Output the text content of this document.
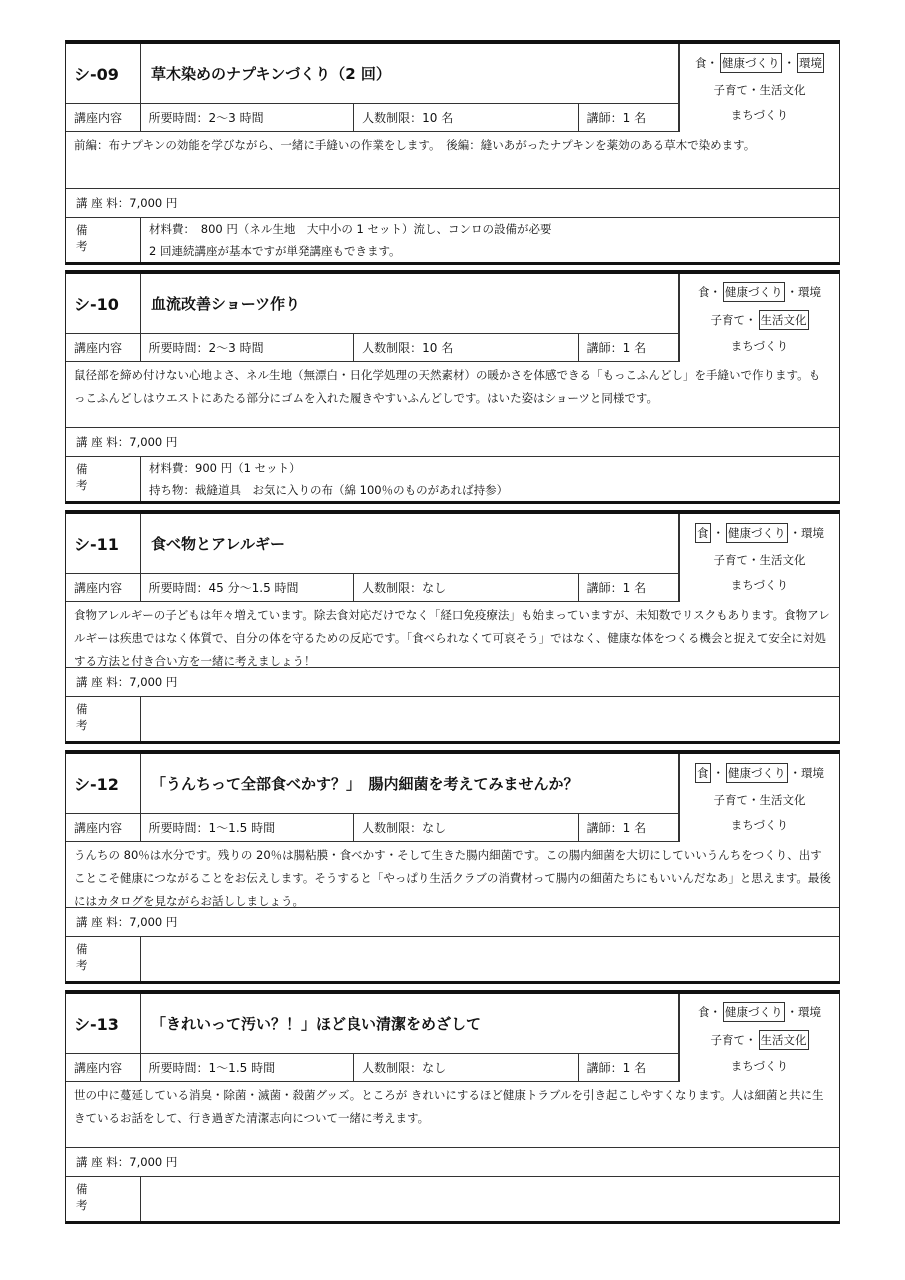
シ-09	草木染めのナプキンづくり（2 回）
食・ 健康づくり ・ 環境
子育て・生活文化
まちづくり
講座内容	所要時間：2～3 時間	人数制限：10 名	講師：1 名
前編：布ナプキンの効能を学びながら、一緒に手縫いの作業をします。　後編：縫いあがったナプキンを薬効のある草木で染めます。
講 座 料：7,000 円
備 考
材料費：　800 円（ネル生地　大中小の 1 セット）流し、コンロの設備が必要
2 回連続講座が基本ですが単発講座もできます。
シ-10	血流改善ショーツ作り
食・ 健康づくり ・環境
子育て・ 生活文化
まちづくり
講座内容	所要時間：2～3 時間	人数制限：10 名	講師：1 名
鼠径部を締め付けない心地よさ、ネル生地（無漂白・日化学処理の天然素材）の暖かさを体感できる「もっこふんどし」を手縫いで作ります。もっこふんどしはウエストにあたる部分にゴムを入れた履きやすいふんどしです。はいた姿はショーツと同様です。
講 座 料：7,000 円
備 考
材料費：900 円（1 セット）
持ち物：裁縫道具　お気に入りの布（綿 100％のものがあれば持参）
シ-11	食べ物とアレルギー
食 ・ 健康づくり ・環境
子育て・生活文化
まちづくり
講座内容	所要時間：45 分～1.5 時間	人数制限：なし	講師：1 名
食物アレルギーの子どもは年々増えています。除去食対応だけでなく「経口免疫療法」も始まっていますが、未知数でリスクもあります。食物アレルギーは疾患ではなく体質で、自分の体を守るための反応です。「食べられなくて可哀そう」ではなく、健康な体をつくる機会と捉えて安全に対処する方法と付き合い方を一緒に考えましょう！
講 座 料：7,000 円
備 考
シ-12	「うんちって全部食べかす？」　腸内細菌を考えてみませんか？
食 ・ 健康づくり ・環境
子育て・生活文化
まちづくり
講座内容	所要時間：1～1.5 時間	人数制限：なし	講師：1 名
うんちの 80％は水分です。残りの 20％は腸粘膜・食べかす・そして生きた腸内細菌です。この腸内細菌を大切にしていいうんちをつくり、出すことこそ健康につながることをお伝えします。そうすると「やっぱり生活クラブの消費材って腸内の細菌たちにもいいんだなあ」と思えます。最後にはカタログを見ながらお話ししましょう。
講 座 料：7,000 円
備 考
シ-13	「きれいって汚い？！」ほど良い清潔をめざして
食・ 健康づくり ・環境
子育て・ 生活文化
まちづくり
講座内容	所要時間：1～1.5 時間	人数制限：なし	講師：1 名
世の中に蔓延している消臭・除菌・滅菌・殺菌グッズ。ところが きれいにするほど健康トラブルを引き起こしやすくなります。人は細菌と共に生きているお話をして、行き過ぎた清潔志向について一緒に考えます。
講 座 料：7,000 円
備 考
